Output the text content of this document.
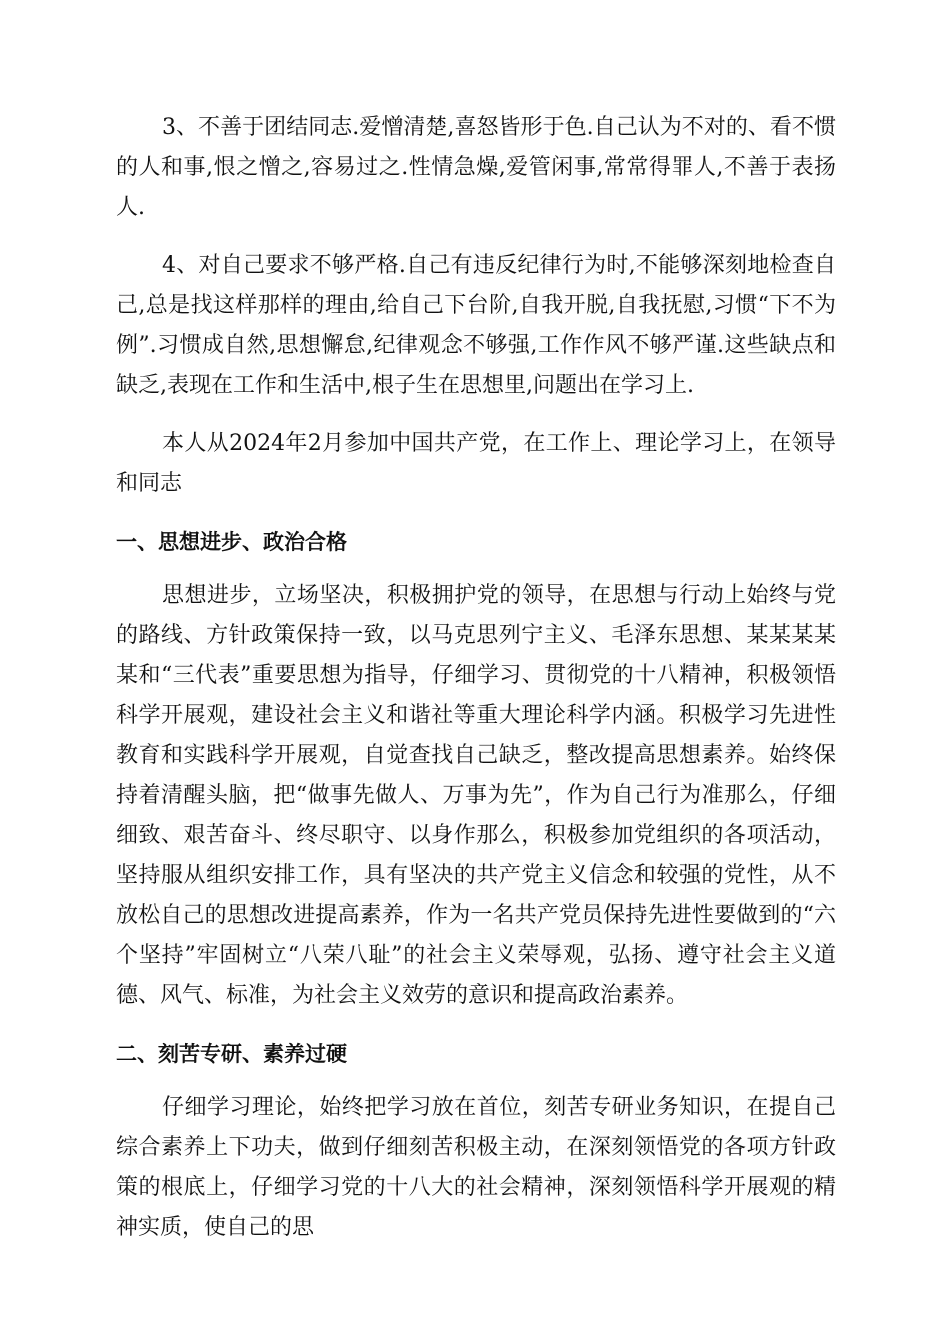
3、不善于团结同志.爱憎清楚,喜怒皆形于色.自己认为不对的、看不惯的人和事,恨之憎之,容易过之.性情急燥,爱管闲事,常常得罪人,不善于表扬人.

4、对自己要求不够严格.自己有违反纪律行为时,不能够深刻地检查自己,总是找这样那样的理由,给自己下台阶,自我开脱,自我抚慰,习惯“下不为例”.习惯成自然,思想懈怠,纪律观念不够强,工作作风不够严谨.这些缺点和缺乏,表现在工作和生活中,根子生在思想里,问题出在学习上.

本人从2024年2月参加中国共产党，在工作上、理论学习上，在领导和同志

一、思想进步、政治合格

思想进步，立场坚决，积极拥护党的领导，在思想与行动上始终与党的路线、方针政策保持一致，以马克思列宁主义、毛泽东思想、某某某某某和“三代表”重要思想为指导，仔细学习、贯彻党的十八精神，积极领悟科学开展观，建设社会主义和谐社等重大理论科学内涵。积极学习先进性教育和实践科学开展观，自觉查找自己缺乏，整改提高思想素养。始终保持着清醒头脑，把“做事先做人、万事为先”，作为自己行为准那么，仔细细致、艰苦奋斗、终尽职守、以身作那么，积极参加党组织的各项活动，坚持服从组织安排工作，具有坚决的共产党主义信念和较强的党性，从不放松自己的思想改进提高素养，作为一名共产党员保持先进性要做到的“六个坚持”牢固树立“八荣八耻”的社会主义荣辱观，弘扬、遵守社会主义道德、风气、标准，为社会主义效劳的意识和提高政治素养。

二、刻苦专研、素养过硬

仔细学习理论，始终把学习放在首位，刻苦专研业务知识，在提自己综合素养上下功夫，做到仔细刻苦积极主动，在深刻领悟党的各项方针政策的根底上，仔细学习党的十八大的社会精神，深刻领悟科学开展观的精神实质，使自己的思
